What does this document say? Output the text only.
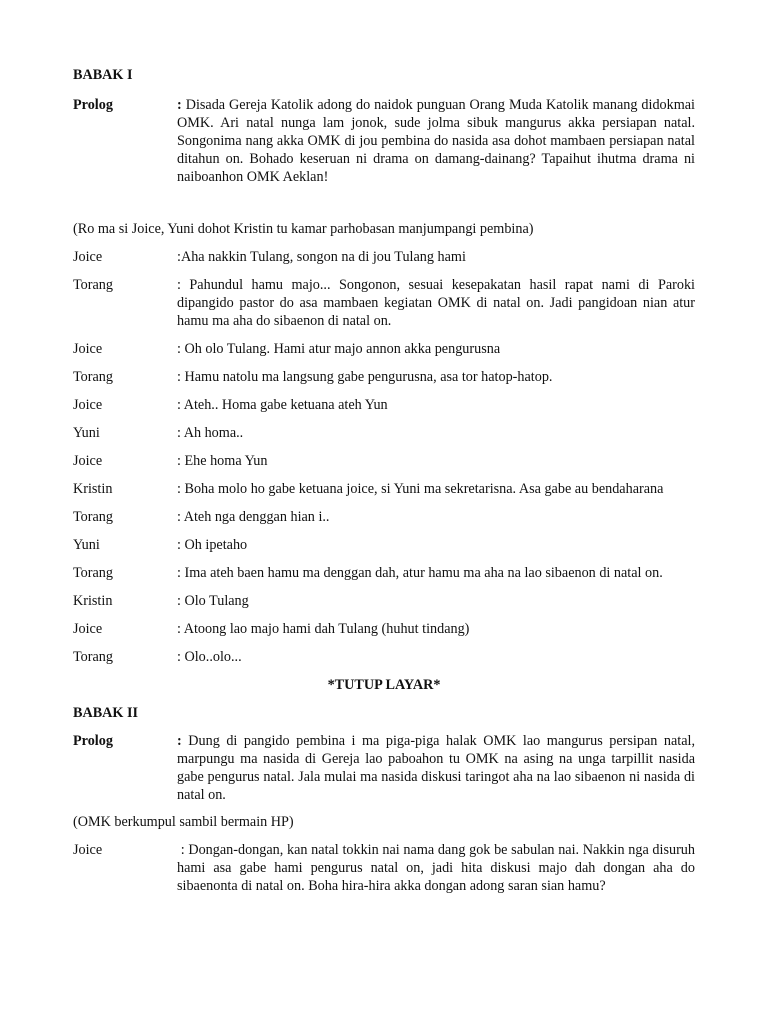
BABAK I
Prolog	: Disada Gereja Katolik adong do naidok punguan Orang Muda Katolik manang didokmai OMK. Ari natal nunga lam jonok, sude jolma sibuk mangurus akka persiapan natal. Songonima nang akka OMK di jou pembina do nasida asa dohot mambaen persiapan natal ditahun on. Bohado keseruan ni drama on damang-dainang? Tapaihut ihutma drama ni naiboanhon OMK Aeklan!
(Ro ma si Joice, Yuni dohot Kristin tu kamar parhobasan manjumpangi pembina)
Joice	:Aha nakkin Tulang, songon na di jou Tulang hami
Torang	: Pahundul hamu majo... Songonon, sesuai kesepakatan hasil rapat nami di Paroki dipangido pastor do asa mambaen kegiatan OMK di natal on. Jadi pangidoan nian atur hamu ma aha do sibaenon di natal on.
Joice	: Oh olo Tulang. Hami atur majo annon akka pengurusna
Torang	: Hamu natolu ma langsung gabe pengurusna, asa tor hatop-hatop.
Joice	: Ateh.. Homa gabe ketuana ateh Yun
Yuni	: Ah homa..
Joice	: Ehe homa Yun
Kristin	: Boha molo ho gabe ketuana joice, si Yuni ma sekretarisna. Asa gabe au bendaharana
Torang	: Ateh nga denggan hian i..
Yuni	: Oh ipetaho
Torang	: Ima ateh baen hamu ma denggan dah, atur hamu ma aha na lao sibaenon di natal on.
Kristin	: Olo Tulang
Joice	: Atoong lao majo hami dah Tulang (huhut tindang)
Torang	: Olo..olo...
*TUTUP LAYAR*
BABAK II
Prolog	: Dung di pangido pembina i ma piga-piga halak OMK lao mangurus persipan natal, marpungu ma nasida di Gereja lao paboahon tu OMK na asing na unga tarpillit nasida gabe pengurus natal. Jala mulai ma nasida diskusi taringot aha na lao sibaenon ni nasida di natal on.
(OMK berkumpul sambil bermain HP)
Joice	: Dongan-dongan, kan natal tokkin nai nama dang gok be sabulan nai. Nakkin nga disuruh hami asa gabe hami pengurus natal on, jadi hita diskusi majo dah dongan aha do sibaenonta di natal on. Boha hira-hira akka dongan adong saran sian hamu?
